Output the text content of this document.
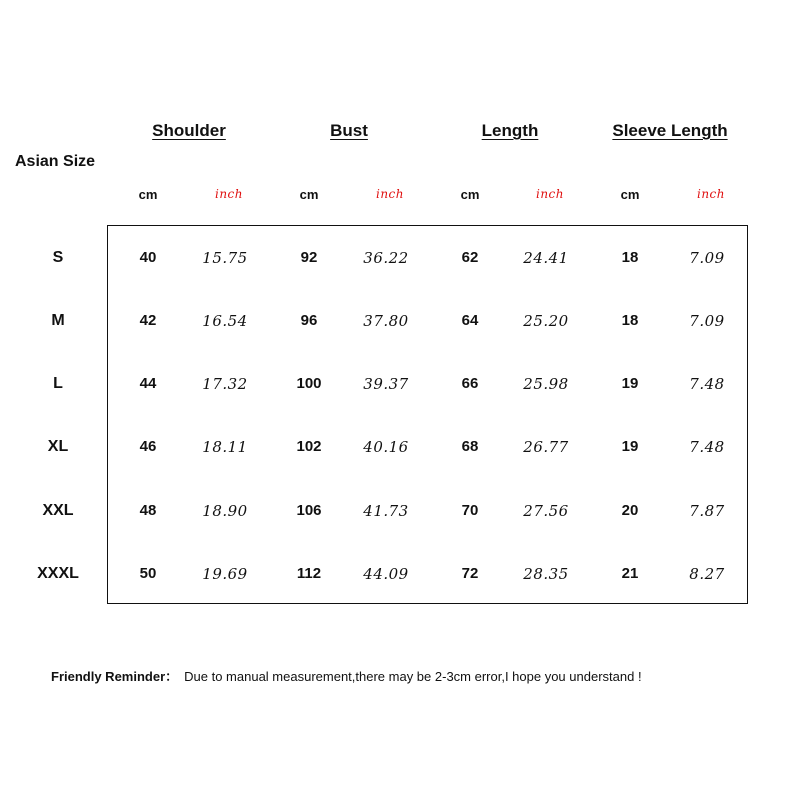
Shoulder	Bust	Length	Sleeve Length
Asian Size
cm	inch	cm	inch	cm	inch	cm	inch
S	40	15.75	92	36.22	62	24.41	18	7.09
M	42	16.54	96	37.80	64	25.20	18	7.09
L	44	17.32	100	39.37	66	25.98	19	7.48
XL	46	18.11	102	40.16	68	26.77	19	7.48
XXL	48	18.90	106	41.73	70	27.56	20	7.87
XXXL	50	19.69	112	44.09	72	28.35	21	8.27
Friendly Reminder： Due to manual measurement,there may be 2-3cm error,I hope you understand !
